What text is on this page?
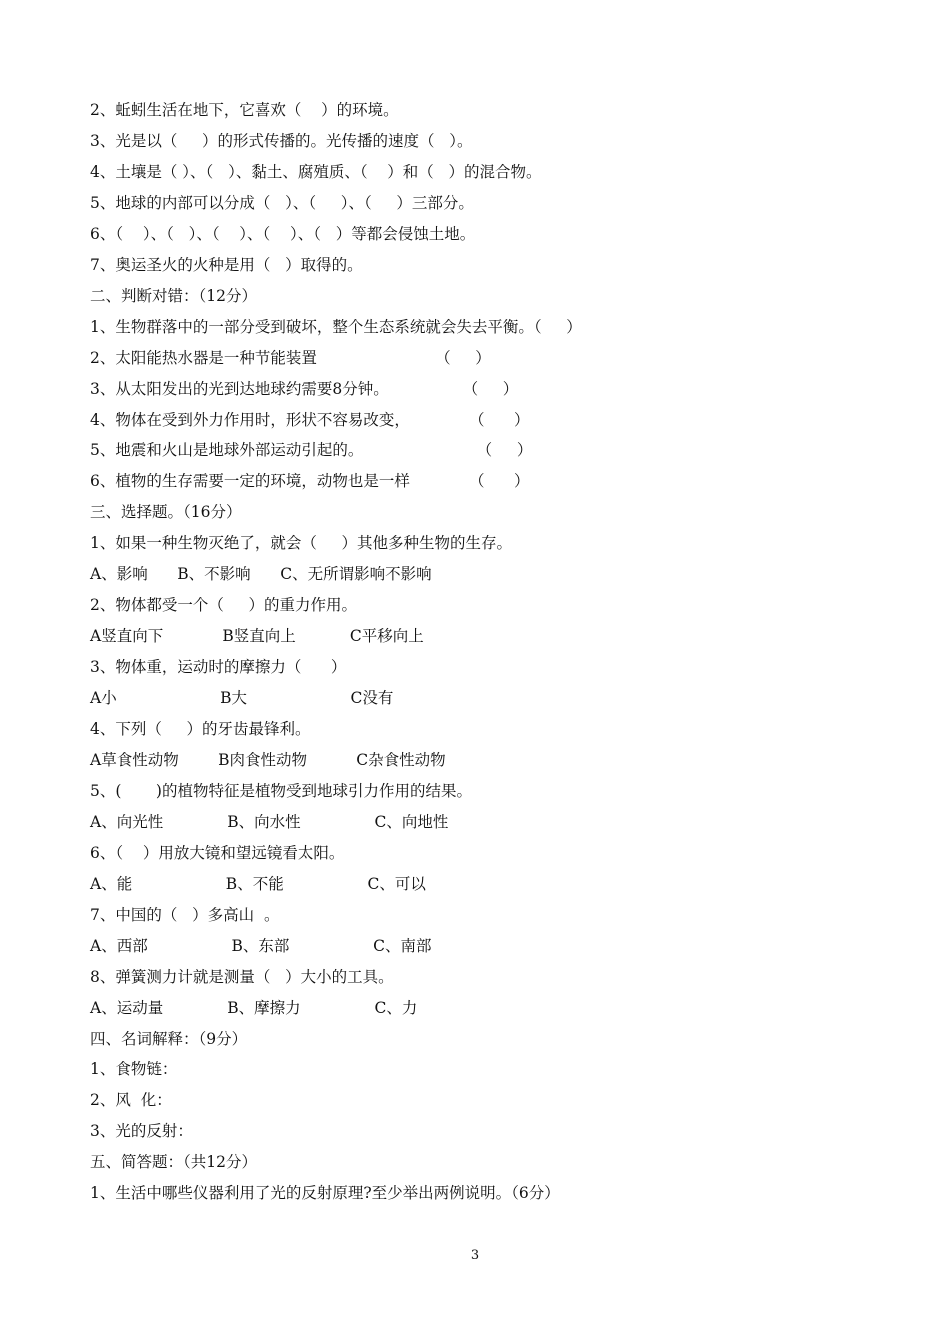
2、蚯蚓生活在地下，它喜欢（    ）的环境。
3、光是以（     ）的形式传播的。光传播的速度（   ）。
4、土壤是（ ）、（   ）、黏土、腐殖质、（    ）和（   ）的混合物。
5、地球的内部可以分成（   ）、（     ）、（     ）三部分。
6、（    ）、（   ）、（    ）、（    ）、（   ）等都会侵蚀土地。
7、奥运圣火的火种是用（   ）取得的。
二、判断对错：（12分）
1、生物群落中的一部分受到破坏，整个生态系统就会失去平衡。（     ）
2、太阳能热水器是一种节能装置                        （     ）
3、从太阳发出的光到达地球约需要8分钟。               （     ）
4、物体在受到外力作用时，形状不容易改变，            （      ）
5、地震和火山是地球外部运动引起的。                       （     ）
6、植物的生存需要一定的环境，动物也是一样            （      ）
三、选择题。（16分）
1、如果一种生物灭绝了，就会（     ）其他多种生物的生存。
A、影响      B、不影响      C、无所谓影响不影响
2、物体都受一个（     ）的重力作用。
A竖直向下            B竖直向上           C平移向上
3、物体重，运动时的摩擦力（      ）
A小                     B大                     C没有
4、下列（     ）的牙齿最锋利。
A草食性动物        B肉食性动物          C杂食性动物
5、(       )的植物特征是植物受到地球引力作用的结果。
A、向光性             B、向水性               C、向地性
6、（    ）用放大镜和望远镜看太阳。
A、能                   B、不能                 C、可以
7、中国的（   ）多高山  。
A、西部                 B、东部                 C、南部
8、弹簧测力计就是测量（   ）大小的工具。
A、运动量             B、摩擦力               C、力
四、名词解释：（9分）
1、食物链：
2、风  化：
3、光的反射：
五、简答题：（共12分）
1、生活中哪些仪器利用了光的反射原理?至少举出两例说明。（6分）
3
